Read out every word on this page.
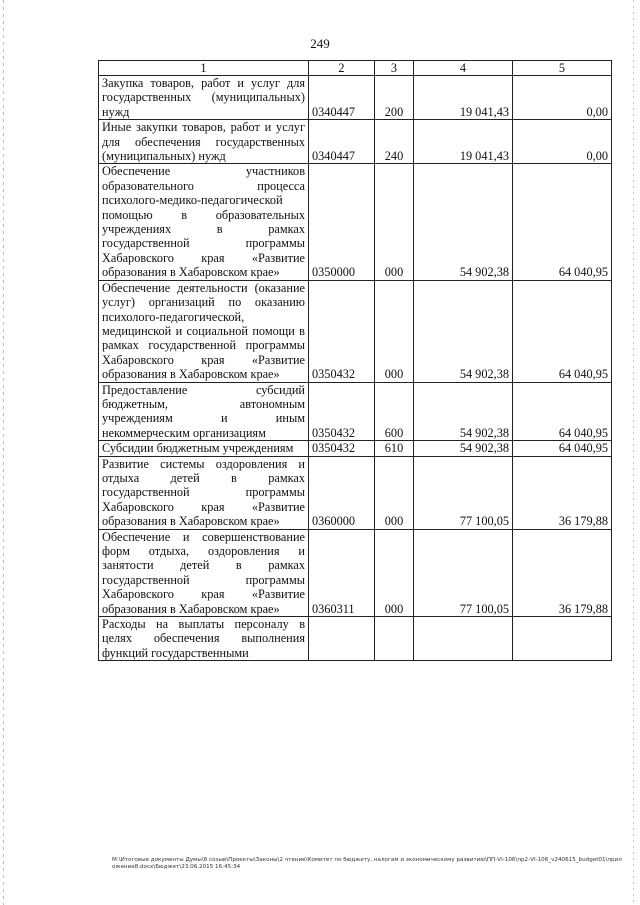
249
1	2	3	4	5
Закупка товаров, работ и услуг для государственных (муниципальных) нужд	0340447	200	19 041,43	0,00
Иные закупки товаров, работ и услуг для обеспечения государственных (муниципальных) нужд	0340447	240	19 041,43	0,00
Обеспечение участников образовательного процесса психолого-медико-педагогической помощью в образовательных учреждениях в рамках государственной программы Хабаровского края «Развитие образования в Хабаровском крае»	0350000	000	54 902,38	64 040,95
Обеспечение деятельности (оказание услуг) организаций по оказанию психолого-педагогической, медицинской и социальной помощи в рамках государственной программы Хабаровского края «Развитие образования в Хабаровском крае»	0350432	000	54 902,38	64 040,95
Предоставление субсидий бюджетным, автономным учреждениям и иным некоммерческим организациям	0350432	600	54 902,38	64 040,95
Субсидии бюджетным учреждениям	0350432	610	54 902,38	64 040,95
Развитие системы оздоровления и отдыха детей в рамках государственной программы Хабаровского края «Развитие образования в Хабаровском крае»	0360000	000	77 100,05	36 179,88
Обеспечение и совершенствование форм отдыха, оздоровления и занятости детей в рамках государственной программы Хабаровского края «Развитие образования в Хабаровском крае»	0360311	000	77 100,05	36 179,88
Расходы на выплаты персоналу в целях обеспечения выполнения функций государственными				
М:\Итоговые документы Думы\6 созыв\Проекты\Законы\2 чтение\Комитет по бюджету, налогам и экономическому развитию\ПП-VI-106\пр2-VI-106_v240615_budget01\приложение8.docx\Бюджет\23.06.2015 16:45:34
